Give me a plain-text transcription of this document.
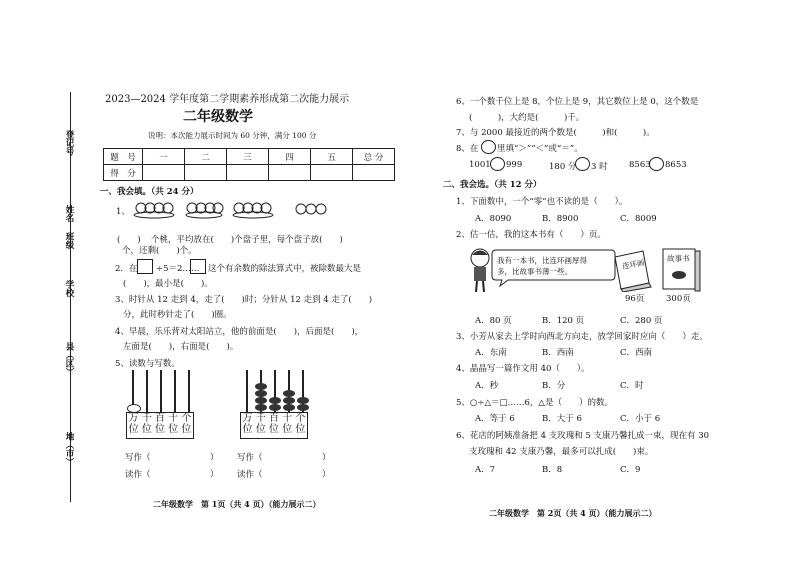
登记号
姓名
班级
学校
县（区）
地（市）
2023—2024 学年度第二学期素养形成第二次能力展示
二年级数学
说明：本次能力展示时间为 60 分钟，满分 100 分
题　号	一	二	三	四	五	总 分
得　分						
一、我会填。（共 24 分）
1、
(　　) 个桃，平均放在(　　)个盘子里，每个盘子放(　　)
个，还剩(　　)个。
2．在 ÷5＝2…… 这个有余数的除法算式中，被除数最大是
(　　)，最小是(　　)。
3、时针从 12 走到 4，走了(　　)时；分针从 12 走到 4 走了(　　)
分，此时秒针走了(　　)圈。
4、早晨，乐乐背对太阳站立，他的前面是(　　)，后面是(　　)，
左面是(　　)，右面是(　　)。
5、读数与写数。
万 千 百 十 个
位 位 位 位 位
万 千 百 十 个
位 位 位 位 位
写作（　　　　　　　）
读作（　　　　　　　）
写作（　　　　　　　）
读作（　　　　　　　）
二年级数学　第 1页（共 4 页）（能力展示二）
6、一个数千位上是 8，个位上是 9，其它数位上是 0，这个数是
(　　　)，大约是(　　　)千。
7、与 2000 最接近的两个数是(　　　)和(　　　)。
8、在 里填“＞”“＜”或“＝”。
1001 999	180 分 3 时	8563 8653
二、我会选。（共 12 分）
1、下面数中，一个“零”也不读的是（　　）。
A．8090	B．8900	C．8009
2、估一估，我的这本书有（　　）页。
我有一本书，比连环画厚得
多，比故事书薄一些。
连环画	故事书
96页	300页
A．80 页	B．120 页	C．280 页
3、小芳从家去上学时向西北方向走，放学回家时应向（　　）走。
A．东南	B．西南	C．西南
4、晶晶写一篇作文用 40（　　）。
A．秒	B．分	C．时
5、○÷△＝□……6，△是（　　）的数。
A．等于 6	B．大于 6	C．小于 6
6、花店的阿姨准备把 4 支玫瑰和 5 支康乃馨扎成一束，现在有 30
支玫瑰和 42 支康乃馨，最多可以扎成(　　)束。
A．7	B．8	C．9
二年级数学　第 2页（共 4 页）（能力展示二）
